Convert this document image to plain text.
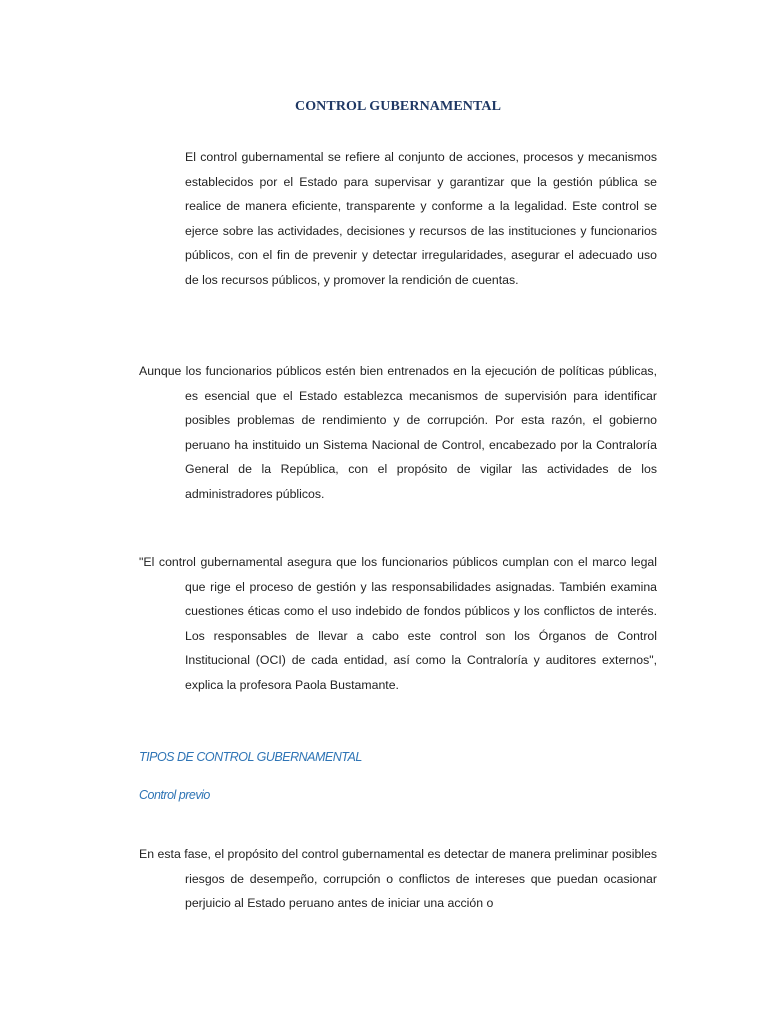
CONTROL GUBERNAMENTAL

El control gubernamental se refiere al conjunto de acciones, procesos y mecanismos establecidos por el Estado para supervisar y garantizar que la gestión pública se realice de manera eficiente, transparente y conforme a la legalidad. Este control se ejerce sobre las actividades, decisiones y recursos de las instituciones y funcionarios públicos, con el fin de prevenir y detectar irregularidades, asegurar el adecuado uso de los recursos públicos, y promover la rendición de cuentas.

Aunque los funcionarios públicos estén bien entrenados en la ejecución de políticas públicas, es esencial que el Estado establezca mecanismos de supervisión para identificar posibles problemas de rendimiento y de corrupción. Por esta razón, el gobierno peruano ha instituido un Sistema Nacional de Control, encabezado por la Contraloría General de la República, con el propósito de vigilar las actividades de los administradores públicos.

"El control gubernamental asegura que los funcionarios públicos cumplan con el marco legal que rige el proceso de gestión y las responsabilidades asignadas. También examina cuestiones éticas como el uso indebido de fondos públicos y los conflictos de interés. Los responsables de llevar a cabo este control son los Órganos de Control Institucional (OCI) de cada entidad, así como la Contraloría y auditores externos", explica la profesora Paola Bustamante.

TIPOS DE CONTROL GUBERNAMENTAL
Control previo

En esta fase, el propósito del control gubernamental es detectar de manera preliminar posibles riesgos de desempeño, corrupción o conflictos de intereses que puedan ocasionar perjuicio al Estado peruano antes de iniciar una acción o
